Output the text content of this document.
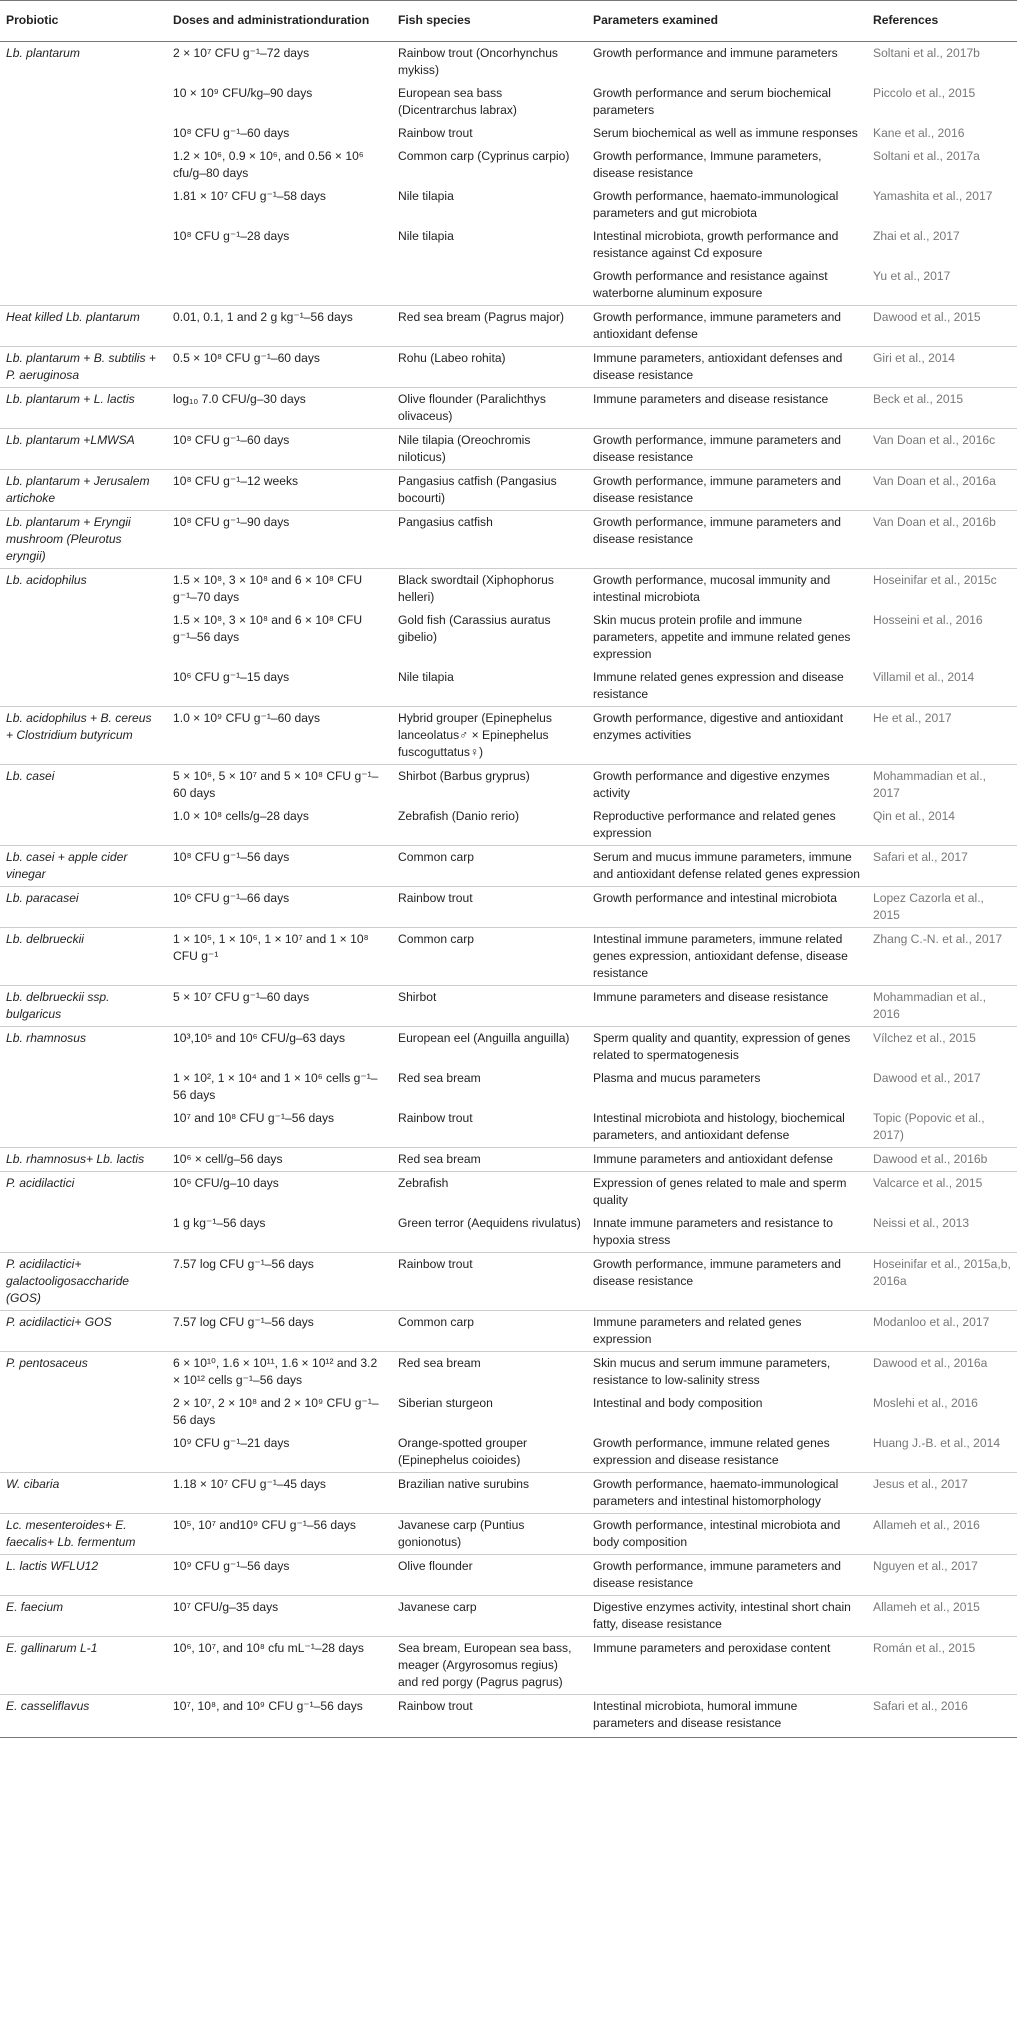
Probiotic	Doses and administrationduration	Fish species	Parameters examined	References
Lb. plantarum	2 × 10⁷ CFU g⁻¹–72 days	Rainbow trout (Oncorhynchus mykiss)	Growth performance and immune parameters	Soltani et al., 2017b
	10 × 10⁹ CFU/kg–90 days	European sea bass (Dicentrarchus labrax)	Growth performance and serum biochemical parameters	Piccolo et al., 2015
	10⁸ CFU g⁻¹–60 days	Rainbow trout	Serum biochemical as well as immune responses	Kane et al., 2016
	1.2 × 10⁶, 0.9 × 10⁶, and 0.56 × 10⁶ cfu/g–80 days	Common carp (Cyprinus carpio)	Growth performance, Immune parameters, disease resistance	Soltani et al., 2017a
	1.81 × 10⁷ CFU g⁻¹–58 days	Nile tilapia	Growth performance, haemato-immunological parameters and gut microbiota	Yamashita et al., 2017
	10⁸ CFU g⁻¹–28 days	Nile tilapia	Intestinal microbiota, growth performance and resistance against Cd exposure	Zhai et al., 2017
			Growth performance and resistance against waterborne aluminum exposure	Yu et al., 2017
Heat killed Lb. plantarum	0.01, 0.1, 1 and 2 g kg⁻¹–56 days	Red sea bream (Pagrus major)	Growth performance, immune parameters and antioxidant defense	Dawood et al., 2015
Lb. plantarum + B. subtilis + P. aeruginosa	0.5 × 10⁸ CFU g⁻¹–60 days	Rohu (Labeo rohita)	Immune parameters, antioxidant defenses and disease resistance	Giri et al., 2014
Lb. plantarum + L. lactis	log₁₀ 7.0 CFU/g–30 days	Olive flounder (Paralichthys olivaceus)	Immune parameters and disease resistance	Beck et al., 2015
Lb. plantarum +LMWSA	10⁸ CFU g⁻¹–60 days	Nile tilapia (Oreochromis niloticus)	Growth performance, immune parameters and disease resistance	Van Doan et al., 2016c
Lb. plantarum + Jerusalem artichoke	10⁸ CFU g⁻¹–12 weeks	Pangasius catfish (Pangasius bocourti)	Growth performance, immune parameters and disease resistance	Van Doan et al., 2016a
Lb. plantarum + Eryngii mushroom (Pleurotus eryngii)	10⁸ CFU g⁻¹–90 days	Pangasius catfish	Growth performance, immune parameters and disease resistance	Van Doan et al., 2016b
Lb. acidophilus	1.5 × 10⁸, 3 × 10⁸ and 6 × 10⁸ CFU g⁻¹–70 days	Black swordtail (Xiphophorus helleri)	Growth performance, mucosal immunity and intestinal microbiota	Hoseinifar et al., 2015c
	1.5 × 10⁸, 3 × 10⁸ and 6 × 10⁸ CFU g⁻¹–56 days	Gold fish (Carassius auratus gibelio)	Skin mucus protein profile and immune parameters, appetite and immune related genes expression	Hosseini et al., 2016
	10⁶ CFU g⁻¹–15 days	Nile tilapia	Immune related genes expression and disease resistance	Villamil et al., 2014
Lb. acidophilus + B. cereus + Clostridium butyricum	1.0 × 10⁹ CFU g⁻¹–60 days	Hybrid grouper (Epinephelus lanceolatus♂ × Epinephelus fuscoguttatus♀)	Growth performance, digestive and antioxidant enzymes activities	He et al., 2017
Lb. casei	5 × 10⁶, 5 × 10⁷ and 5 × 10⁸ CFU g⁻¹–60 days	Shirbot (Barbus gryprus)	Growth performance and digestive enzymes activity	Mohammadian et al., 2017
	1.0 × 10⁸ cells/g–28 days	Zebrafish (Danio rerio)	Reproductive performance and related genes expression	Qin et al., 2014
Lb. casei + apple cider vinegar	10⁸ CFU g⁻¹–56 days	Common carp	Serum and mucus immune parameters, immune and antioxidant defense related genes expression	Safari et al., 2017
Lb. paracasei	10⁶ CFU g⁻¹–66 days	Rainbow trout	Growth performance and intestinal microbiota	Lopez Cazorla et al., 2015
Lb. delbrueckii	1 × 10⁵, 1 × 10⁶, 1 × 10⁷ and 1 × 10⁸ CFU g⁻¹	Common carp	Intestinal immune parameters, immune related genes expression, antioxidant defense, disease resistance	Zhang C.-N. et al., 2017
Lb. delbrueckii ssp. bulgaricus	5 × 10⁷ CFU g⁻¹–60 days	Shirbot	Immune parameters and disease resistance	Mohammadian et al., 2016
Lb. rhamnosus	10³,10⁵ and 10⁶ CFU/g–63 days	European eel (Anguilla anguilla)	Sperm quality and quantity, expression of genes related to spermatogenesis	Vílchez et al., 2015
	1 × 10², 1 × 10⁴ and 1 × 10⁶ cells g⁻¹–56 days	Red sea bream	Plasma and mucus parameters	Dawood et al., 2017
	10⁷ and 10⁸ CFU g⁻¹–56 days	Rainbow trout	Intestinal microbiota and histology, biochemical parameters, and antioxidant defense	Topic (Popovic et al., 2017)
Lb. rhamnosus+ Lb. lactis	10⁶ × cell/g–56 days	Red sea bream	Immune parameters and antioxidant defense	Dawood et al., 2016b
P. acidilactici	10⁶ CFU/g–10 days	Zebrafish	Expression of genes related to male and sperm quality	Valcarce et al., 2015
	1 g kg⁻¹–56 days	Green terror (Aequidens rivulatus)	Innate immune parameters and resistance to hypoxia stress	Neissi et al., 2013
P. acidilactici+ galactooligosaccharide (GOS)	7.57 log CFU g⁻¹–56 days	Rainbow trout	Growth performance, immune parameters and disease resistance	Hoseinifar et al., 2015a,b, 2016a
P. acidilactici+ GOS	7.57 log CFU g⁻¹–56 days	Common carp	Immune parameters and related genes expression	Modanloo et al., 2017
P. pentosaceus	6 × 10¹⁰, 1.6 × 10¹¹, 1.6 × 10¹² and 3.2 × 10¹² cells g⁻¹–56 days	Red sea bream	Skin mucus and serum immune parameters, resistance to low-salinity stress	Dawood et al., 2016a
	2 × 10⁷, 2 × 10⁸ and 2 × 10⁹ CFU g⁻¹–56 days	Siberian sturgeon	Intestinal and body composition	Moslehi et al., 2016
	10⁹ CFU g⁻¹–21 days	Orange-spotted grouper (Epinephelus coioides)	Growth performance, immune related genes expression and disease resistance	Huang J.-B. et al., 2014
W. cibaria	1.18 × 10⁷ CFU g⁻¹–45 days	Brazilian native surubins	Growth performance, haemato-immunological parameters and intestinal histomorphology	Jesus et al., 2017
Lc. mesenteroides+ E. faecalis+ Lb. fermentum	10⁵, 10⁷ and10⁹ CFU g⁻¹–56 days	Javanese carp (Puntius gonionotus)	Growth performance, intestinal microbiota and body composition	Allameh et al., 2016
L. lactis WFLU12	10⁹ CFU g⁻¹–56 days	Olive flounder	Growth performance, immune parameters and disease resistance	Nguyen et al., 2017
E. faecium	10⁷ CFU/g–35 days	Javanese carp	Digestive enzymes activity, intestinal short chain fatty, disease resistance	Allameh et al., 2015
E. gallinarum L-1	10⁶, 10⁷, and 10⁸ cfu mL⁻¹–28 days	Sea bream, European sea bass, meager (Argyrosomus regius) and red porgy (Pagrus pagrus)	Immune parameters and peroxidase content	Román et al., 2015
E. casseliflavus	10⁷, 10⁸, and 10⁹ CFU g⁻¹–56 days	Rainbow trout	Intestinal microbiota, humoral immune parameters and disease resistance	Safari et al., 2016
